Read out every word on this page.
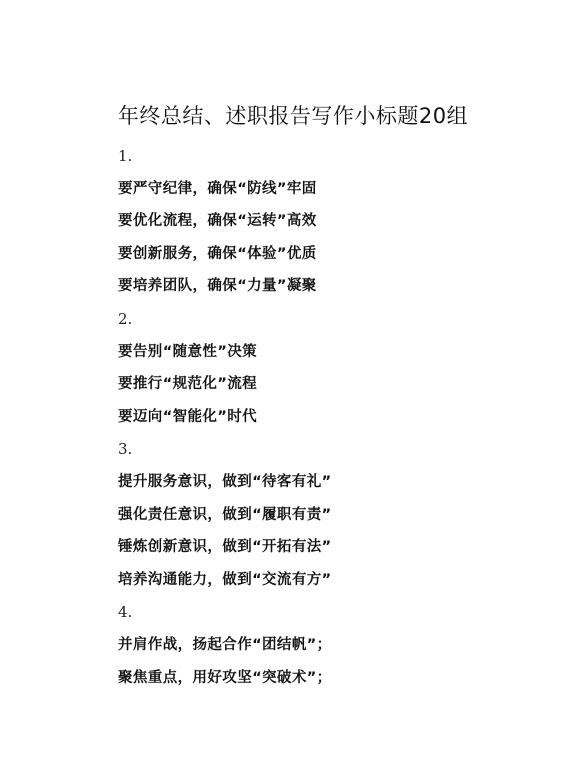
年终总结、述职报告写作小标题20组
1.
要严守纪律，确保“防线”牢固
要优化流程，确保“运转”高效
要创新服务，确保“体验”优质
要培养团队，确保“力量”凝聚
2.
要告别“随意性”决策
要推行“规范化”流程
要迈向“智能化”时代
3.
提升服务意识，做到“待客有礼”
强化责任意识，做到“履职有责”
锤炼创新意识，做到“开拓有法”
培养沟通能力，做到“交流有方”
4.
并肩作战，扬起合作“团结帆”；
聚焦重点，用好攻坚“突破术”；
